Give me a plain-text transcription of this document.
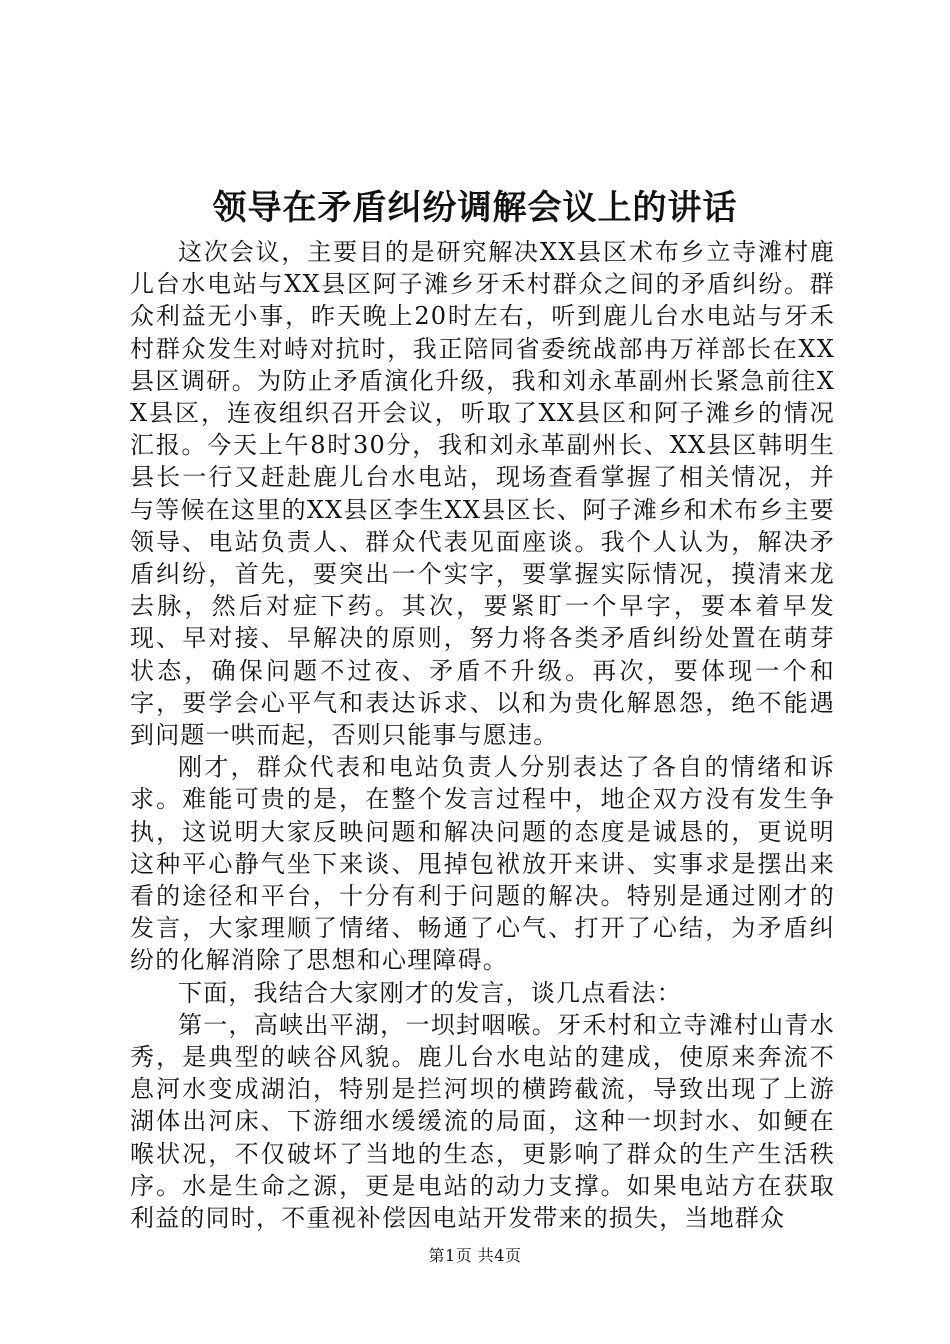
领导在矛盾纠纷调解会议上的讲话

这次会议，主要目的是研究解决XX县区术布乡立寺滩村鹿儿台水电站与XX县区阿子滩乡牙禾村群众之间的矛盾纠纷。群众利益无小事，昨天晚上20时左右，听到鹿儿台水电站与牙禾村群众发生对峙对抗时，我正陪同省委统战部冉万祥部长在XX县区调研。为防止矛盾演化升级，我和刘永革副州长紧急前往XX县区，连夜组织召开会议，听取了XX县区和阿子滩乡的情况汇报。今天上午8时30分，我和刘永革副州长、XX县区韩明生县长一行又赶赴鹿儿台水电站，现场查看掌握了相关情况，并与等候在这里的XX县区李生XX县区长、阿子滩乡和术布乡主要领导、电站负责人、群众代表见面座谈。我个人认为，解决矛盾纠纷，首先，要突出一个实字，要掌握实际情况，摸清来龙去脉，然后对症下药。其次，要紧盯一个早字，要本着早发现、早对接、早解决的原则，努力将各类矛盾纠纷处置在萌芽状态，确保问题不过夜、矛盾不升级。再次，要体现一个和字，要学会心平气和表达诉求、以和为贵化解恩怨，绝不能遇到问题一哄而起，否则只能事与愿违。

刚才，群众代表和电站负责人分别表达了各自的情绪和诉求。难能可贵的是，在整个发言过程中，地企双方没有发生争执，这说明大家反映问题和解决问题的态度是诚恳的，更说明这种平心静气坐下来谈、甩掉包袱放开来讲、实事求是摆出来看的途径和平台，十分有利于问题的解决。特别是通过刚才的发言，大家理顺了情绪、畅通了心气、打开了心结，为矛盾纠纷的化解消除了思想和心理障碍。

下面，我结合大家刚才的发言，谈几点看法：

第一，高峡出平湖，一坝封咽喉。牙禾村和立寺滩村山青水秀，是典型的峡谷风貌。鹿儿台水电站的建成，使原来奔流不息河水变成湖泊，特别是拦河坝的横跨截流，导致出现了上游湖体出河床、下游细水缓缓流的局面，这种一坝封水、如鲠在喉状况，不仅破坏了当地的生态，更影响了群众的生产生活秩序。水是生命之源，更是电站的动力支撑。如果电站方在获取利益的同时，不重视补偿因电站开发带来的损失，当地群众

第1页 共4页
